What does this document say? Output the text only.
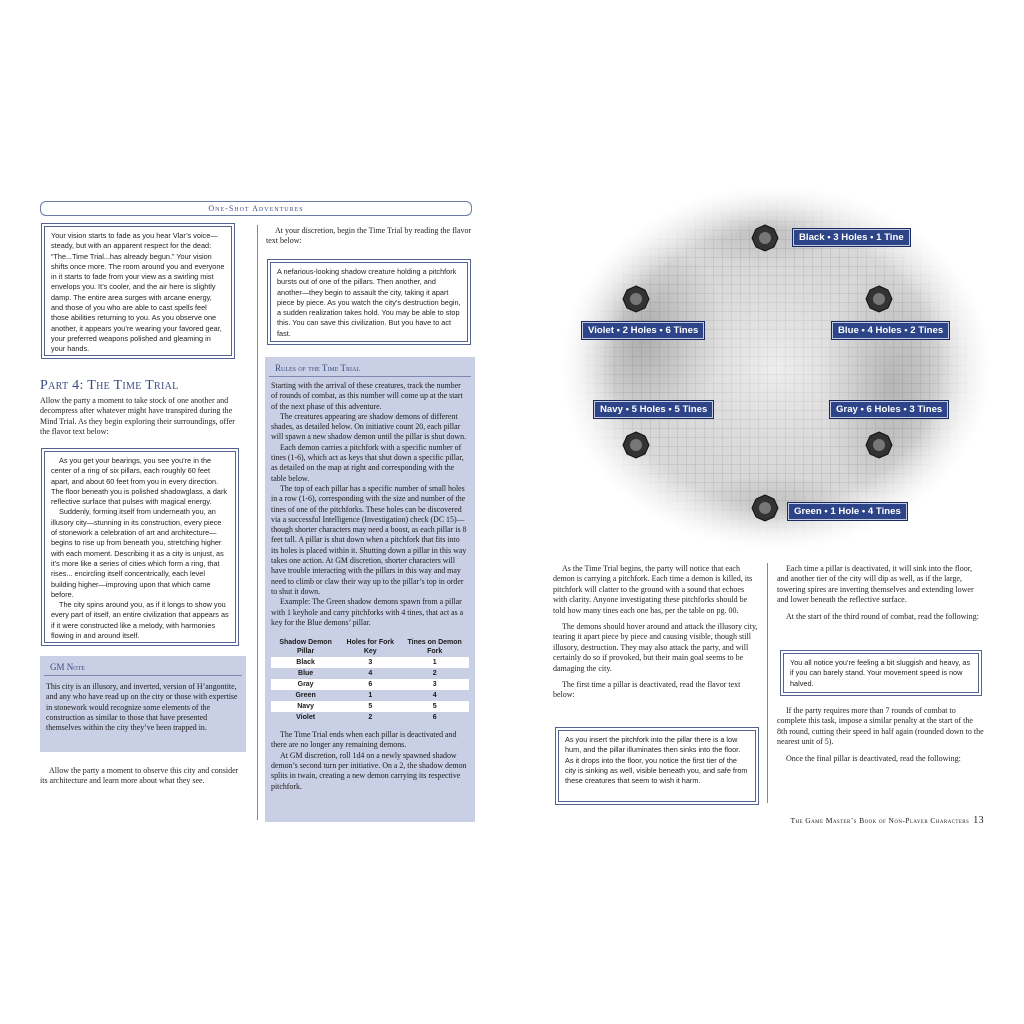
One-Shot Adventures

Your vision starts to fade as you hear Vlar’s voice—steady, but with an apparent respect for the dead: “The...Time Trial...has already begun.” Your vision shifts once more. The room around you and everyone in it starts to fade from your view as a swirling mist envelops you. It’s cooler, and the air here is slightly damp. The entire area surges with arcane energy, and those of you who are able to cast spells feel those abilities returning to you. As you observe one another, it appears you’re wearing your favored gear, your preferred weapons polished and gleaming in your hands.

Part 4: The Time Trial

Allow the party a moment to take stock of one another and decompress after whatever might have transpired during the Mind Trial. As they begin exploring their surroundings, offer the flavor text below:

As you get your bearings, you see you’re in the center of a ring of six pillars, each roughly 60 feet apart, and about 60 feet from you in every direction. The floor beneath you is polished shadowglass, a dark reflective surface that pulses with magical energy.

Suddenly, forming itself from underneath you, an illusory city—stunning in its construction, every piece of stonework a celebration of art and architecture—begins to rise up from beneath you, stretching higher with each moment. Describing it as a city is unjust, as it’s more like a series of cities which form a ring, that rises... encircling itself concentrically, each level building higher—improving upon that which came before.

The city spins around you, as if it longs to show you every part of itself, an entire civilization that appears as if it were constructed like a melody, with harmonies flowing in and around itself.

GM Note

This city is an illusory, and inverted, version of H’angontite, and any who have read up on the city or those with expertise in stonework would recognize some elements of the construction as similar to those that have presented themselves within the city they’ve been trapped in.

Allow the party a moment to observe this city and consider its architecture and learn more about what they see.

At your discretion, begin the Time Trial by reading the flavor text below:

A nefarious-looking shadow creature holding a pitchfork bursts out of one of the pillars. Then another, and another—they begin to assault the city, taking it apart piece by piece. As you watch the city’s destruction begin, a sudden realization takes hold. You may be able to stop this. You can save this civilization. But you have to act fast.

Rules of the Time Trial

Starting with the arrival of these creatures, track the number of rounds of combat, as this number will come up at the start of the next phase of this adventure.

The creatures appearing are shadow demons of different shades, as detailed below. On initiative count 20, each pillar will spawn a new shadow demon until the pillar is shut down.

Each demon carries a pitchfork with a specific number of tines (1-6), which act as keys that shut down a specific pillar, as detailed on the map at right and corresponding with the table below.

The top of each pillar has a specific number of small holes in a row (1-6), corresponding with the size and number of the tines of one of the pitchforks. These holes can be discovered via a successful Intelligence (Investigation) check (DC 15)—though shorter characters may need a boost, as each pillar is 8 feet tall. A pillar is shut down when a pitchfork that fits into its holes is placed within it. Shutting down a pillar in this way takes one action. At GM discretion, shorter characters will have trouble interacting with the pillars in this way and may need to climb or claw their way up to the pillar’s top in order to shut it down.

Example: The Green shadow demons spawn from a pillar with 1 keyhole and carry pitchforks with 4 tines, that act as a key for the Blue demons’ pillar.

Shadow Demon Pillar	Holes for Fork Key	Tines on Demon Fork
Black	3	1
Blue	4	2
Gray	6	3
Green	1	4
Navy	5	5
Violet	2	6

The Time Trial ends when each pillar is deactivated and there are no longer any remaining demons.

At GM discretion, roll 1d4 on a newly spawned shadow demon’s second turn per initiative. On a 2, the shadow demon splits in twain, creating a new demon carrying its respective pitchfork.

Black • 3 Holes • 1 Tine
Violet • 2 Holes • 6 Tines	Blue • 4 Holes • 2 Tines
Navy • 5 Holes • 5 Tines	Gray • 6 Holes • 3 Tines
Green • 1 Hole • 4 Tines

As the Time Trial begins, the party will notice that each demon is carrying a pitchfork. Each time a demon is killed, its pitchfork will clatter to the ground with a sound that echoes with clarity. Anyone investigating these pitchforks should be told how many tines each one has, per the table on pg. 00.

The demons should hover around and attack the illusory city, tearing it apart piece by piece and causing visible, though still illusory, destruction. They may also attack the party, and will certainly do so if provoked, but their main goal seems to be damaging the city.

The first time a pillar is deactivated, read the flavor text below:

As you insert the pitchfork into the pillar there is a low hum, and the pillar illuminates then sinks into the floor. As it drops into the floor, you notice the first tier of the city is sinking as well, visible beneath you, and safe from these creatures that seem to wish it harm.

Each time a pillar is deactivated, it will sink into the floor, and another tier of the city will dip as well, as if the large, towering spires are inverting themselves and extending lower and lower beneath the reflective surface.

At the start of the third round of combat, read the following:

You all notice you’re feeling a bit sluggish and heavy, as if you can barely stand. Your movement speed is now halved.

If the party requires more than 7 rounds of combat to complete this task, impose a similar penalty at the start of the 8th round, cutting their speed in half again (rounded down to the nearest unit of 5).

Once the final pillar is deactivated, read the following:

The Game Master’s Book of Non-Player Characters 13
